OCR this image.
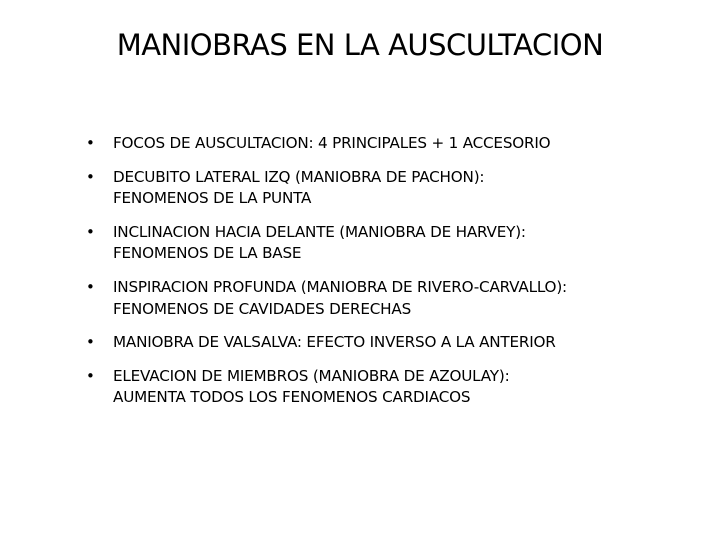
MANIOBRAS EN LA AUSCULTACION
• FOCOS DE AUSCULTACION: 4 PRINCIPALES + 1 ACCESORIO
• DECUBITO LATERAL IZQ (MANIOBRA DE PACHON):
FENOMENOS DE LA PUNTA
• INCLINACION HACIA DELANTE (MANIOBRA DE HARVEY):
FENOMENOS DE LA BASE
• INSPIRACION PROFUNDA (MANIOBRA DE RIVERO-CARVALLO):
FENOMENOS DE CAVIDADES DERECHAS
• MANIOBRA DE VALSALVA: EFECTO INVERSO A LA ANTERIOR
• ELEVACION DE MIEMBROS (MANIOBRA DE AZOULAY):
AUMENTA TODOS LOS FENOMENOS CARDIACOS
